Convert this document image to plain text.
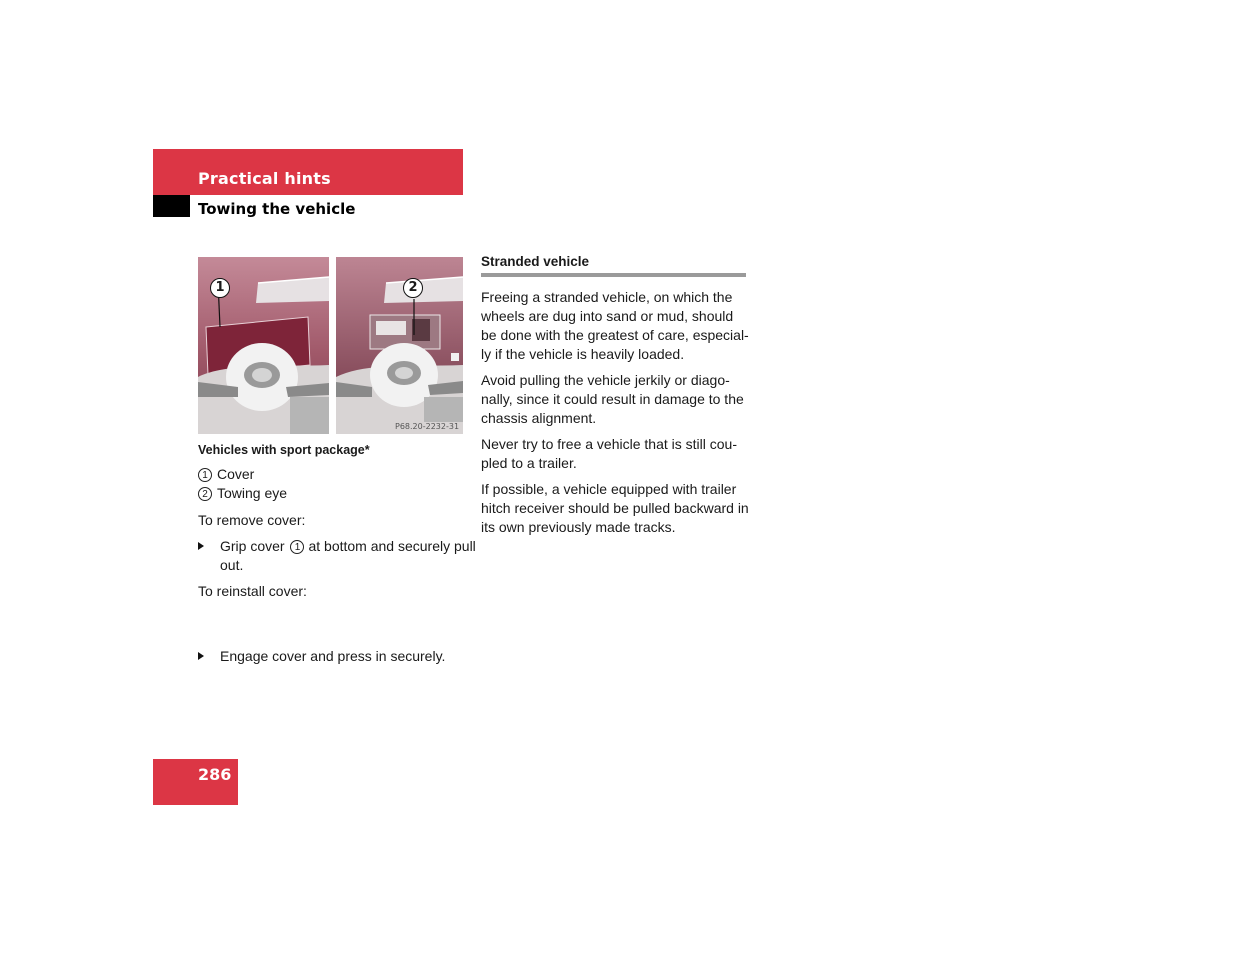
Practical hints
Towing the vehicle
1	2
P68.20-2232-31
Vehicles with sport package*
1 Cover
2 Towing eye
To remove cover:
Grip cover 1 at bottom and securely pull out.
To reinstall cover:
Engage cover and press in securely.
Stranded vehicle
Freeing a stranded vehicle, on which the wheels are dug into sand or mud, should be done with the greatest of care, especial-ly if the vehicle is heavily loaded.
Avoid pulling the vehicle jerkily or diago-nally, since it could result in damage to the chassis alignment.
Never try to free a vehicle that is still cou-pled to a trailer.
If possible, a vehicle equipped with trailer hitch receiver should be pulled backward in its own previously made tracks.
286
